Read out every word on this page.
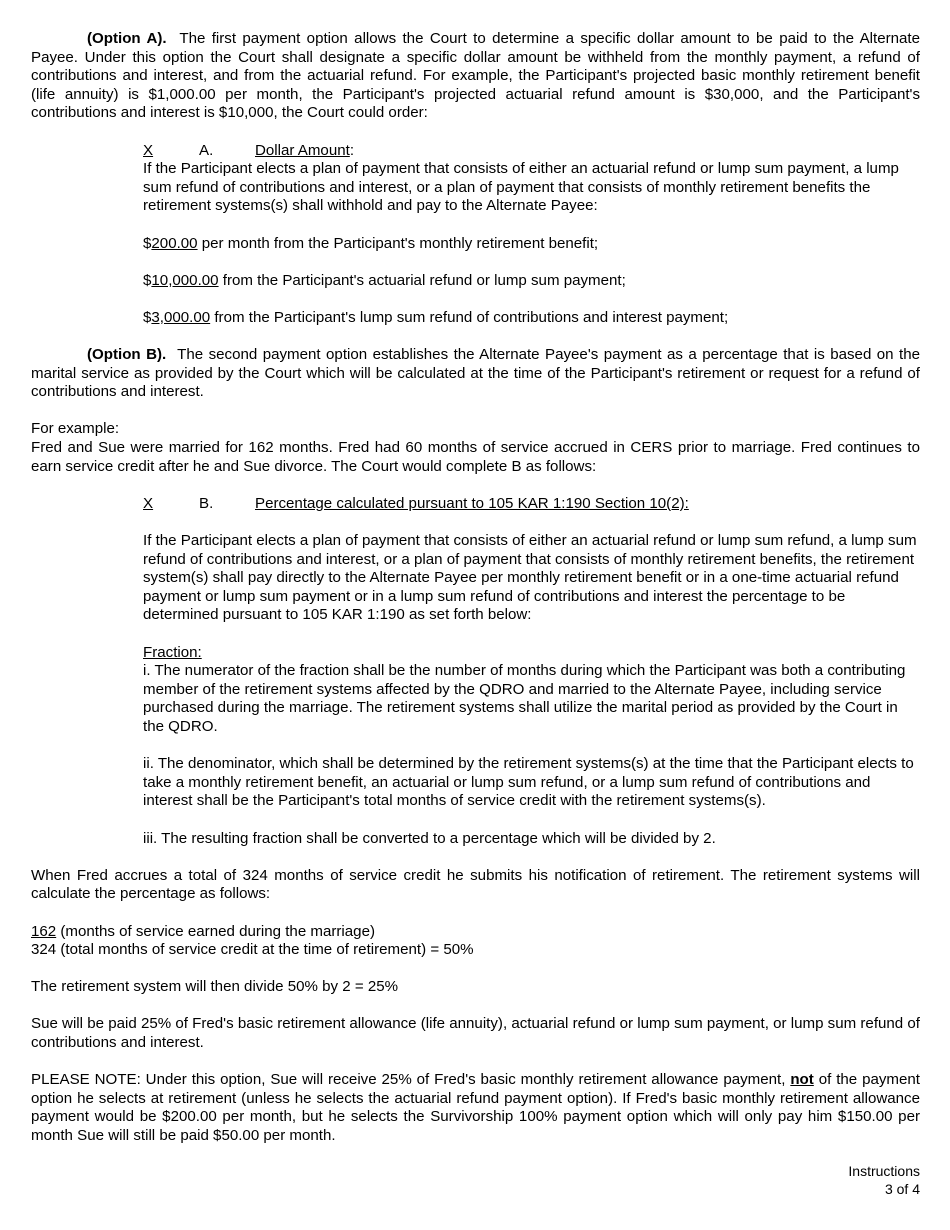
(Option A). The first payment option allows the Court to determine a specific dollar amount to be paid to the Alternate Payee. Under this option the Court shall designate a specific dollar amount be withheld from the monthly payment, a refund of contributions and interest, and from the actuarial refund. For example, the Participant's projected basic monthly retirement benefit (life annuity) is $1,000.00 per month, the Participant's projected actuarial refund amount is $30,000, and the Participant's contributions and interest is $10,000, the Court could order:

X	A.	Dollar Amount:

If the Participant elects a plan of payment that consists of either an actuarial refund or lump sum payment, a lump sum refund of contributions and interest, or a plan of payment that consists of monthly retirement benefits the retirement systems(s) shall withhold and pay to the Alternate Payee:

$200.00 per month from the Participant's monthly retirement benefit;

$10,000.00 from the Participant's actuarial refund or lump sum payment;

$3,000.00 from the Participant's lump sum refund of contributions and interest payment;

(Option B). The second payment option establishes the Alternate Payee's payment as a percentage that is based on the marital service as provided by the Court which will be calculated at the time of the Participant's retirement or request for a refund of contributions and interest.

For example:

Fred and Sue were married for 162 months. Fred had 60 months of service accrued in CERS prior to marriage. Fred continues to earn service credit after he and Sue divorce. The Court would complete B as follows:

X	B.	Percentage calculated pursuant to 105 KAR 1:190 Section 10(2):

If the Participant elects a plan of payment that consists of either an actuarial refund or lump sum refund, a lump sum refund of contributions and interest, or a plan of payment that consists of monthly retirement benefits, the retirement system(s) shall pay directly to the Alternate Payee per monthly retirement benefit or in a one-time actuarial refund payment or lump sum payment or in a lump sum refund of contributions and interest the percentage to be determined pursuant to 105 KAR 1:190 as set forth below:

Fraction:

i. The numerator of the fraction shall be the number of months during which the Participant was both a contributing member of the retirement systems affected by the QDRO and married to the Alternate Payee, including service purchased during the marriage. The retirement systems shall utilize the marital period as provided by the Court in the QDRO.

ii. The denominator, which shall be determined by the retirement systems(s) at the time that the Participant elects to take a monthly retirement benefit, an actuarial or lump sum refund, or a lump sum refund of contributions and interest shall be the Participant's total months of service credit with the retirement systems(s).

iii. The resulting fraction shall be converted to a percentage which will be divided by 2.

When Fred accrues a total of 324 months of service credit he submits his notification of retirement. The retirement systems will calculate the percentage as follows:

162 (months of service earned during the marriage)

324 (total months of service credit at the time of retirement) = 50%

The retirement system will then divide 50% by 2 = 25%

Sue will be paid 25% of Fred's basic retirement allowance (life annuity), actuarial refund or lump sum payment, or lump sum refund of contributions and interest.

PLEASE NOTE: Under this option, Sue will receive 25% of Fred's basic monthly retirement allowance payment, not of the payment option he selects at retirement (unless he selects the actuarial refund payment option). If Fred's basic monthly retirement allowance payment would be $200.00 per month, but he selects the Survivorship 100% payment option which will only pay him $150.00 per month Sue will still be paid $50.00 per month.

Instructions
3 of 4
